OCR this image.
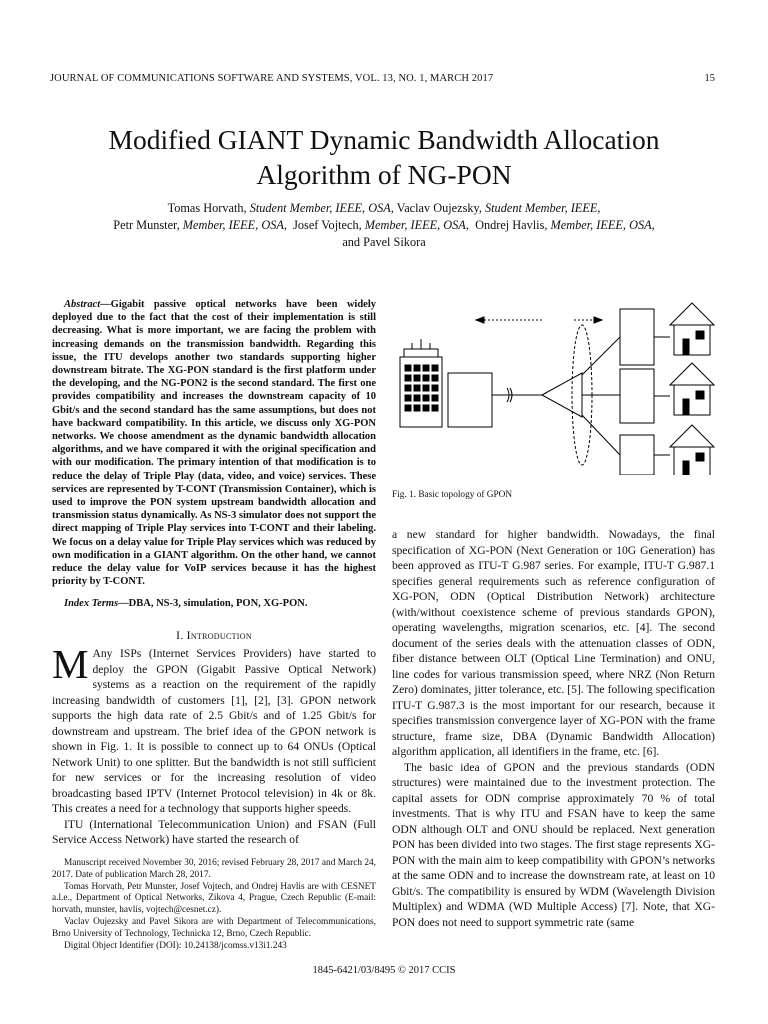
JOURNAL OF COMMUNICATIONS SOFTWARE AND SYSTEMS, VOL. 13, NO. 1, MARCH 2017	15
Modified GIANT Dynamic Bandwidth Allocation
Algorithm of NG-PON
Tomas Horvath, Student Member, IEEE, OSA, Vaclav Oujezsky, Student Member, IEEE,
Petr Munster, Member, IEEE, OSA, Josef Vojtech, Member, IEEE, OSA, Ondrej Havlis, Member, IEEE, OSA,
and Pavel Sikora
Abstract—Gigabit passive optical networks have been widely deployed due to the fact that the cost of their implementation is still decreasing. What is more important, we are facing the problem with increasing demands on the transmission bandwidth. Regarding this issue, the ITU develops another two standards supporting higher downstream bitrate. The XG-PON standard is the first platform under the developing, and the NG-PON2 is the second standard. The first one provides compatibility and increases the downstream capacity of 10 Gbit/s and the second standard has the same assumptions, but does not have backward compatibility. In this article, we discuss only XG-PON networks. We choose amendment as the dynamic bandwidth allocation algorithms, and we have compared it with the original specification and with our modification. The primary intention of that modification is to reduce the delay of Triple Play (data, video, and voice) services. These services are represented by T-CONT (Transmission Container), which is used to improve the PON system upstream bandwidth allocation and transmission status dynamically. As NS-3 simulator does not support the direct mapping of Triple Play services into T-CONT and their labeling. We focus on a delay value for Triple Play services which was reduced by own modification in a GIANT algorithm. On the other hand, we cannot reduce the delay value for VoIP services because it has the highest priority by T-CONT.
Index Terms—DBA, NS-3, simulation, PON, XG-PON.
I. Introduction

M Any ISPs (Internet Services Providers) have started to deploy the GPON (Gigabit Passive Optical Network) systems as a reaction on the requirement of the rapidly increasing bandwidth of customers [1], [2], [3]. GPON network supports the high data rate of 2.5 Gbit/s and of 1.25 Gbit/s for downstream and upstream. The brief idea of the GPON network is shown in Fig. 1. It is possible to connect up to 64 ONUs (Optical Network Unit) to one splitter. But the bandwidth is not still sufficient for new services or for the increasing resolution of video broadcasting based IPTV (Internet Protocol television) in 4k or 8k. This creates a need for a technology that supports higher speeds.

ITU (International Telecommunication Union) and FSAN (Full Service Access Network) have started the research of

Manuscript received November 30, 2016; revised February 28, 2017 and March 24, 2017. Date of publication March 28, 2017.

Tomas Horvath, Petr Munster, Josef Vojtech, and Ondrej Havlis are with CESNET a.l.e., Department of Optical Networks, Zikova 4, Prague, Czech Republic (E-mail: horvath, munster, havlis, vojtech@cesnet.cz).

Vaclav Oujezsky and Pavel Sikora are with Department of Telecommunications, Brno University of Technology, Technicka 12, Brno, Czech Republic.

Digital Object Identifier (DOI): 10.24138/jcomss.v13i1.243

Fig. 1. Basic topology of GPON

a new standard for higher bandwidth. Nowadays, the final specification of XG-PON (Next Generation or 10G Generation) has been approved as ITU-T G.987 series. For example, ITU-T G.987.1 specifies general requirements such as reference configuration of XG-PON, ODN (Optical Distribution Network) architecture (with/without coexistence scheme of previous standards GPON), operating wavelengths, migration scenarios, etc. [4]. The second document of the series deals with the attenuation classes of ODN, fiber distance between OLT (Optical Line Termination) and ONU, line codes for various transmission speed, where NRZ (Non Return Zero) dominates, jitter tolerance, etc. [5]. The following specification ITU-T G.987.3 is the most important for our research, because it specifies transmission convergence layer of XG-PON with the frame structure, frame size, DBA (Dynamic Bandwidth Allocation) algorithm application, all identifiers in the frame, etc. [6].

The basic idea of GPON and the previous standards (ODN structures) were maintained due to the investment protection. The capital assets for ODN comprise approximately 70 % of total investments. That is why ITU and FSAN have to keep the same ODN although OLT and ONU should be replaced. Next generation PON has been divided into two stages. The first stage represents XG-PON with the main aim to keep compatibility with GPON’s networks at the same ODN and to increase the downstream rate, at least on 10 Gbit/s. The compatibility is ensured by WDM (Wavelength Division Multiplex) and WDMA (WD Multiple Access) [7]. Note, that XG-PON does not need to support symmetric rate (same

1845-6421/03/8495 © 2017 CCIS
